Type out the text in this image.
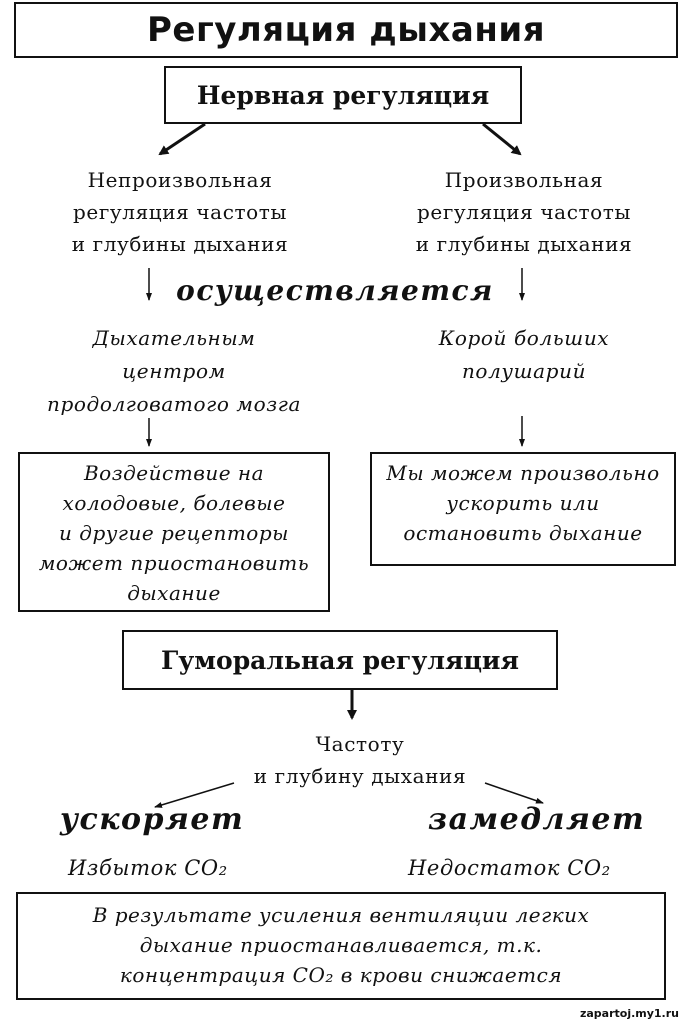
Регуляция дыхания
Нервная регуляция
Непроизвольная
регуляция частоты
и глубины дыхания
Произвольная
регуляция частоты
и глубины дыхания
осуществляется
Дыхательным
центром
продолговатого мозга
Корой больших
полушарий
Воздействие на
холодовые, болевые
и другие рецепторы
может приостановить
дыхание
Мы можем произвольно
ускорить или
остановить дыхание
Гуморальная регуляция
Частоту
и глубину дыхания
ускоряет	замедляет
Избыток CO₂	Недостаток CO₂
В результате усиления вентиляции легких
дыхание приостанавливается, т.к.
концентрация CO₂ в крови снижается
zapartoj.my1.ru
